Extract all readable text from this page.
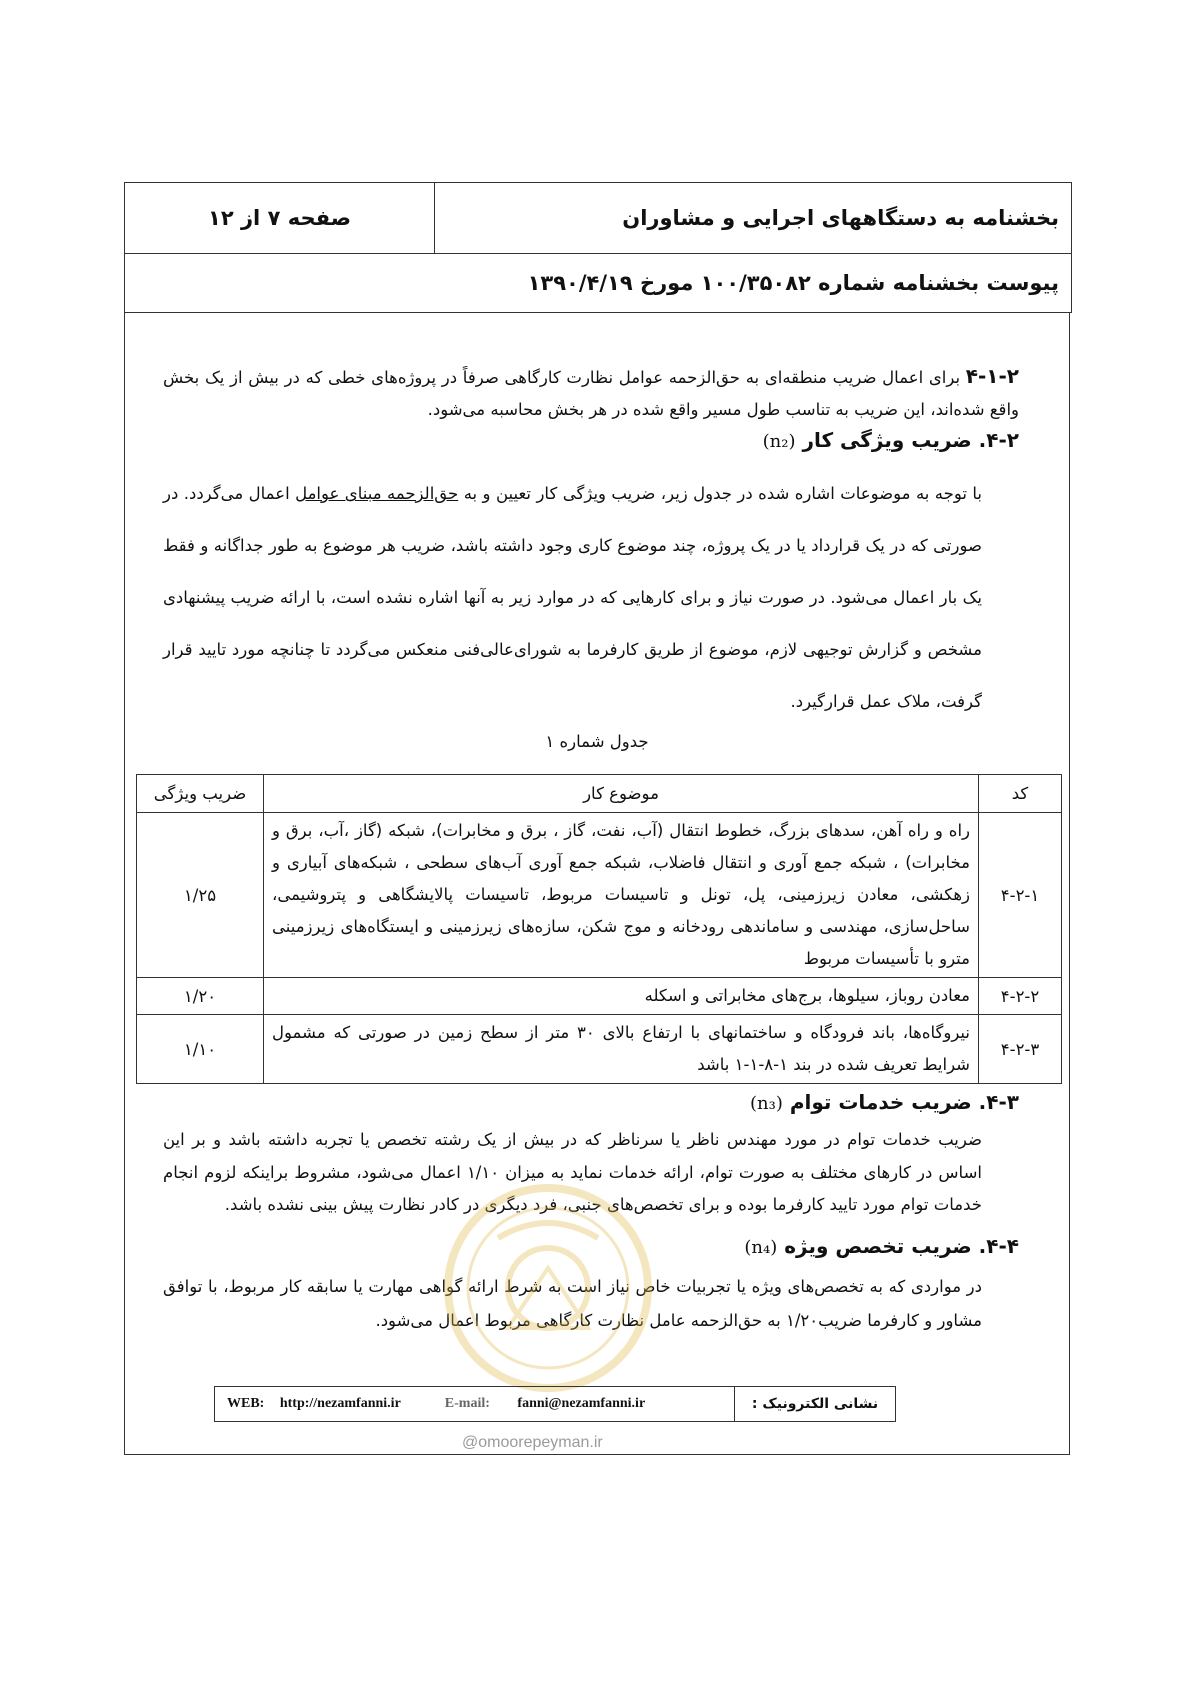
بخشنامه به دستگاههای اجرایی و مشاوران
صفحه ۷ از ۱۲
پیوست بخشنامه شماره ۱۰۰/۳۵۰۸۲ مورخ ۱۳۹۰/۴/۱۹
۴-۱-۲ برای اعمال ضریب منطقه‌ای به حق‌الزحمه عوامل نظارت کارگاهی صرفاً در پروژه‌های خطی که در بیش از یک بخش واقع شده‌اند، این ضریب به تناسب طول مسیر واقع شده در هر بخش محاسبه می‌شود.
۴-۲. ضریب ویژگی کار (n₂)
با توجه به موضوعات اشاره شده در جدول زیر، ضریب ویژگی کار تعیین و به حق‌الزحمه مبنای عوامل اعمال می‌گردد. در صورتی که در یک قرارداد یا در یک پروژه، چند موضوع کاری وجود داشته باشد، ضریب هر موضوع به طور جداگانه و فقط یک بار اعمال می‌شود. در صورت نیاز و برای کارهایی که در موارد زیر به آنها اشاره نشده است، با ارائه ضریب پیشنهادی مشخص و گزارش توجیهی لازم، موضوع از طریق کارفرما به شورای‌عالی‌فنی منعکس می‌گردد تا چنانچه مورد تایید قرار گرفت، ملاک عمل قرارگیرد.
جدول شماره ۱
کد	موضوع کار	ضریب ویژگی
۴-۲-۱	راه و راه آهن، سدهای بزرگ، خطوط انتقال (آب، نفت، گاز ، برق و مخابرات)، شبکه (گاز ،آب، برق و مخابرات) ، شبکه جمع آوری و انتقال فاضلاب، شبکه جمع آوری آب‌های سطحی ، شبکه‌های آبیاری و زهکشی، معادن زیرزمینی، پل، تونل و تاسیسات مربوط، تاسیسات پالایشگاهی و پتروشیمی، ساحل‌سازی، مهندسی و ساماندهی رودخانه و موج شکن، سازه‌های زیرزمینی و ایستگاه‌های زیرزمینی مترو با تأسیسات مربوط	۱/۲۵
۴-۲-۲	معادن روباز، سیلوها، برج‌های مخابراتی و اسکله	۱/۲۰
۴-۲-۳	نیروگاه‌ها، باند فرودگاه و ساختمانهای با ارتفاع بالای ۳۰ متر از سطح زمین در صورتی که مشمول شرایط تعریف شده در بند ۱-۸-۱-۱ باشد	۱/۱۰
۴-۳. ضریب خدمات توام (n₃)
ضریب خدمات توام در مورد مهندس ناظر یا سرناظر که در بیش از یک رشته تخصص یا تجربه داشته باشد و بر این اساس در کارهای مختلف به صورت توام، ارائه خدمات نماید به میزان ۱/۱۰ اعمال می‌شود، مشروط براینکه لزوم انجام خدمات توام مورد تایید کارفرما بوده و برای تخصص‌های جنبی، فرد دیگری در کادر نظارت پیش بینی نشده باشد.
۴-۴. ضریب تخصص ویژه (n₄)
در مواردی که به تخصص‌های ویژه یا تجربیات خاص نیاز است به شرط ارائه گواهی مهارت یا سابقه کار مربوط، با توافق مشاور و کارفرما ضریب۱/۲۰ به حق‌الزحمه عامل نظارت کارگاهی مربوط اعمال می‌شود.
نشانی الکترونیک :
WEB: http://nezamfanni.ir	E-mail: fanni@nezamfanni.ir
@omoorepeyman.ir
